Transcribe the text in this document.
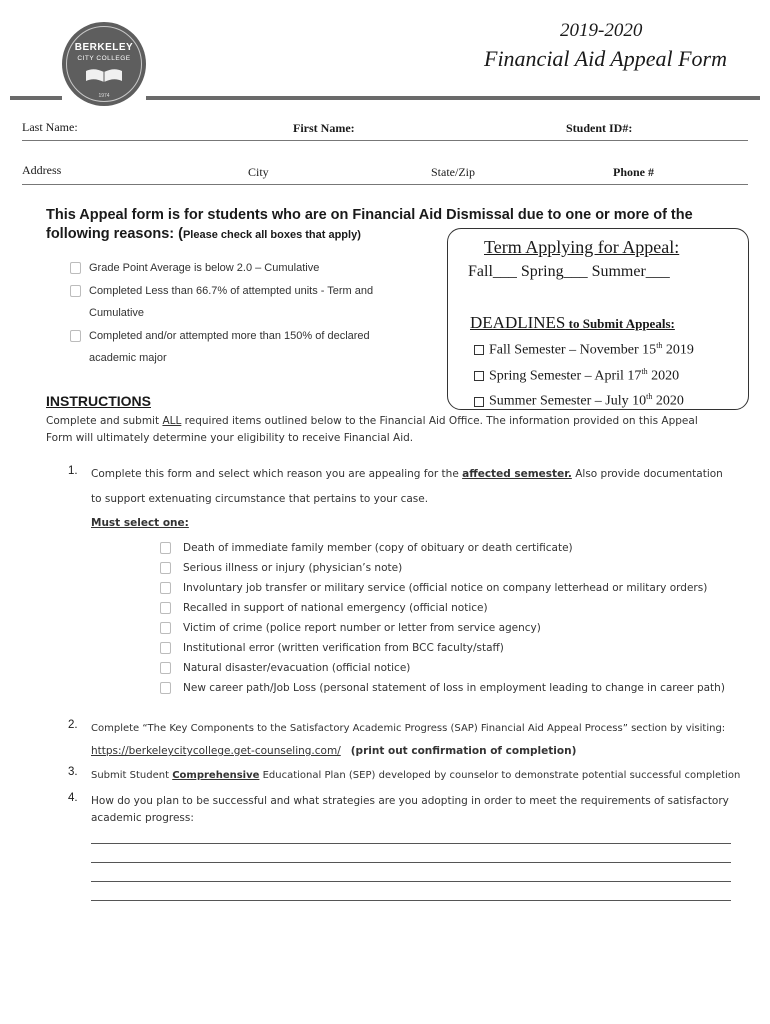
BERKELEY
CITY COLLEGE
1974
2019-2020
Financial Aid Appeal Form
Last Name:	First Name:	Student ID#:
Address	City	State/Zip	Phone #
This Appeal form is for students who are on Financial Aid Dismissal due to one or more of the
following reasons: (Please check all boxes that apply)
Grade Point Average is below 2.0 – Cumulative
Completed Less than 66.7% of attempted units - Term and
Cumulative
Completed and/or attempted more than 150% of declared
academic major
Term Applying for Appeal:
Fall___ Spring___ Summer___
DEADLINES to Submit Appeals:
Fall Semester – November 15th 2019
Spring Semester – April 17th 2020
Summer Semester – July 10th 2020
INSTRUCTIONS
Complete and submit ALL required items outlined below to the Financial Aid Office. The information provided on this Appeal
Form will ultimately determine your eligibility to receive Financial Aid.
1. Complete this form and select which reason you are appealing for the affected semester. Also provide documentation
to support extenuating circumstance that pertains to your case.
Must select one:
Death of immediate family member (copy of obituary or death certificate)
Serious illness or injury (physician’s note)
Involuntary job transfer or military service (official notice on company letterhead or military orders)
Recalled in support of national emergency (official notice)
Victim of crime (police report number or letter from service agency)
Institutional error (written verification from BCC faculty/staff)
Natural disaster/evacuation (official notice)
New career path/Job Loss (personal statement of loss in employment leading to change in career path)
2. Complete “The Key Components to the Satisfactory Academic Progress (SAP) Financial Aid Appeal Process” section by visiting:
https://berkeleycitycollege.get-counseling.com/ (print out confirmation of completion)
3. Submit Student Comprehensive Educational Plan (SEP) developed by counselor to demonstrate potential successful completion
4. How do you plan to be successful and what strategies are you adopting in order to meet the requirements of satisfactory
academic progress:
